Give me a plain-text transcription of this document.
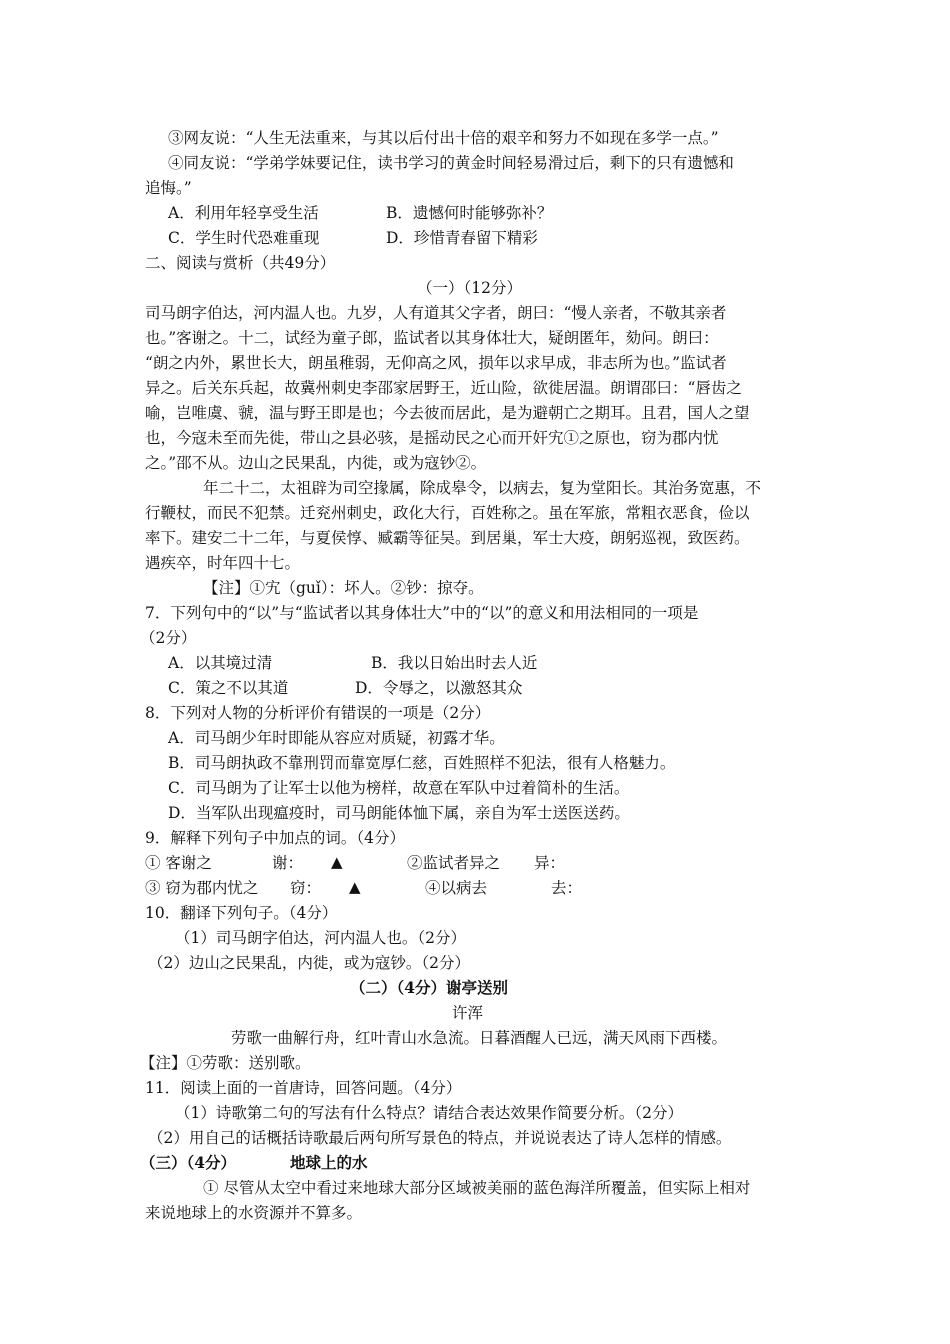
③网友说：“人生无法重来，与其以后付出十倍的艰辛和努力不如现在多学一点。”
④同友说：“学弟学妹要记住，读书学习的黄金时间轻易滑过后，剩下的只有遗憾和
追悔。”
A．利用年轻享受生活	B．遗憾何时能够弥补？
C．学生时代恐难重现	D．珍惜青春留下精彩
二、阅读与赏析（共49分）
（一）（12分）
司马朗字伯达，河内温人也。九岁，人有道其父字者，朗曰：“慢人亲者，不敬其亲者
也。”客谢之。十二，试经为童子郎，监试者以其身体壮大，疑朗匿年，劾问。朗曰：
“朗之内外，累世长大，朗虽稚弱，无仰高之风，损年以求早成，非志所为也。”监试者
异之。后关东兵起，故冀州刺史李邵家居野王，近山险，欲徙居温。朗谓邵曰：“唇齿之
喻，岂唯虞、虢，温与野王即是也；今去彼而居此，是为避朝亡之期耳。且君，国人之望
也，今寇未至而先徙，带山之县必骇，是摇动民之心而开奸宄①之原也，窃为郡内忧
之。”邵不从。边山之民果乱，内徙，或为寇钞②。
年二十二，太祖辟为司空掾属，除成皋令，以病去，复为堂阳长。其治务宽惠，不
行鞭杖，而民不犯禁。迁兖州刺史，政化大行，百姓称之。虽在军旅，常粗衣恶食，俭以
率下。建安二十二年，与夏侯惇、臧霸等征吴。到居巢，军士大疫，朗躬巡视，致医药。
遇疾卒，时年四十七。
【注】①宄（guǐ）：坏人。②钞：掠夺。
7．下列句中的“以”与“监试者以其身体壮大”中的“以”的意义和用法相同的一项是
（2分）
A．以其境过清	B．我以日始出时去人近
C．策之不以其道	D．令辱之，以激怒其众
8．下列对人物的分析评价有错误的一项是（2分）
A．司马朗少年时即能从容应对质疑，初露才华。
B．司马朗执政不靠刑罚而靠宽厚仁慈，百姓照样不犯法，很有人格魅力。
C．司马朗为了让军士以他为榜样，故意在军队中过着简朴的生活。
D．当军队出现瘟疫时，司马朗能体恤下属，亲自为军士送医送药。
9．解释下列句子中加点的词。（4分）
① 客谢之	谢： ▲	②监试者异之 异：
③ 窃为郡内忧之 窃： ▲	④以病去	去：
10．翻译下列句子。（4分）
（1）司马朗字伯达，河内温人也。（2分）
（2）边山之民果乱，内徙，或为寇钞。（2分）
（二）（4分）谢亭送别
许浑
劳歌一曲解行舟，红叶青山水急流。日暮酒醒人已远，满天风雨下西楼。
【注】①劳歌：送别歌。
11．阅读上面的一首唐诗，回答问题。（4分）
（1）诗歌第二句的写法有什么特点？请结合表达效果作简要分析。（2分）
（2）用自己的话概括诗歌最后两句所写景色的特点，并说说表达了诗人怎样的情感。
（三）（4分）	地球上的水
① 尽管从太空中看过来地球大部分区域被美丽的蓝色海洋所覆盖，但实际上相对
来说地球上的水资源并不算多。
